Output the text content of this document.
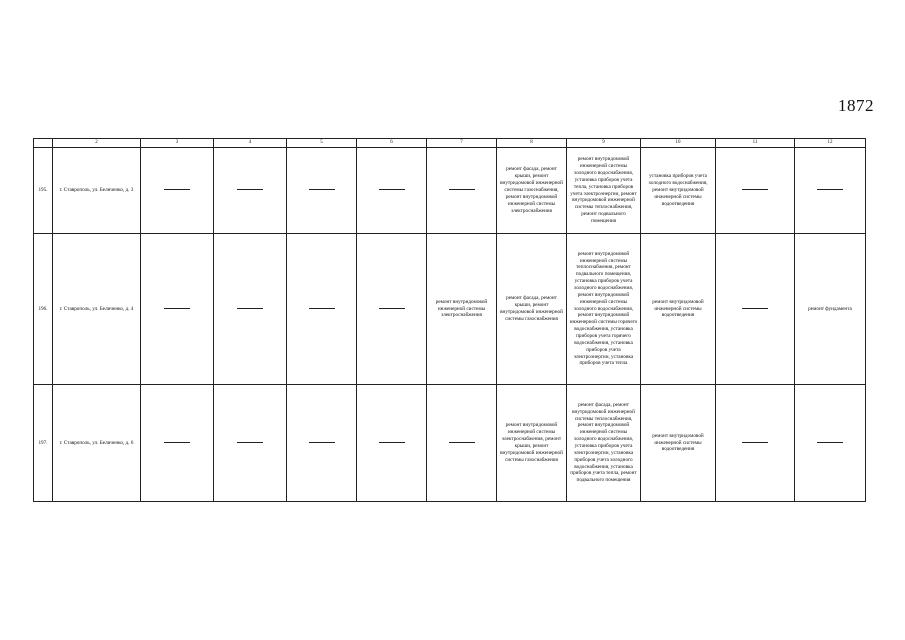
1872
	2	3	4	5	6	7	8	9	10	11	12
195.	г. Ставрополь, ул. Беличенко, д. 3						ремонт фасада, ремонт крыши, ремонт внутридомовой инженерной системы газоснабжения, ремонт внутридомовой инженерной системы электроснабжения	ремонт внутридомовой инженерной системы холодного водоснабжения, установка приборов учета тепла, установка приборов учета электроэнергии, ремонт внутридомовой инженерной системы теплоснабжения, ремонт подвального помещения	установка приборов учета холодного водоснабжения, ремонт внутридомовой инженерной системы водоотведения		
196.	г. Ставрополь, ул. Беличенко, д. 4					ремонт внутридомовой инженерной системы электроснабжения	ремонт фасада, ремонт крыши, ремонт внутридомовой инженерной системы газоснабжения	ремонт внутридомовой инженерной системы теплоснабжения, ремонт подвального помещения, установка приборов учета холодного водоснабжения, ремонт внутридомовой инженерной системы холодного водоснабжения, ремонт внутридомовой инженерной системы горячего водоснабжения, установка приборов учета горячего водоснабжения, установка приборов учета электроэнергии, установка приборов учета тепла	ремонт внутридомовой инженерной системы водоотведения		ремонт фундамента
197.	г. Ставрополь, ул. Беличенко, д. 6						ремонт внутридомовой инженерной системы электроснабжения, ремонт крыши, ремонт внутридомовой инженерной системы газоснабжения	ремонт фасада, ремонт внутридомовой инженерной системы теплоснабжения, ремонт внутридомовой инженерной системы холодного водоснабжения, установка приборов учета электроэнергии, установка приборов учета холодного водоснабжения, установка приборов учета тепла, ремонт подвального помещения	ремонт внутридомовой инженерной системы водоотведения		
